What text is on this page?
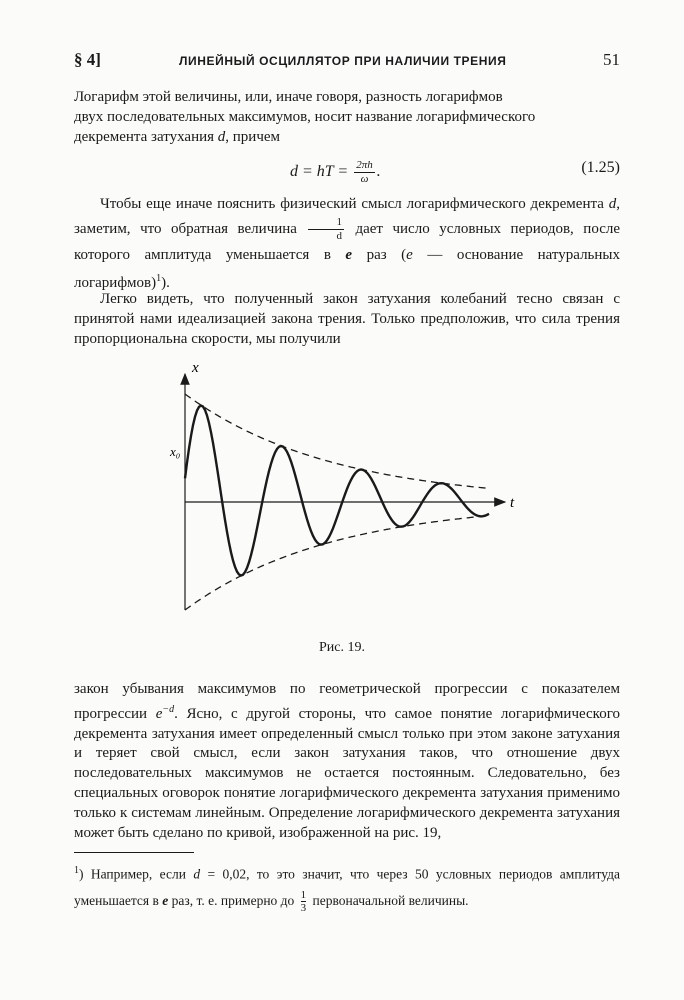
§ 4]	ЛИНЕЙНЫЙ ОСЦИЛЛЯТОР ПРИ НАЛИЧИИ ТРЕНИЯ	51
Логарифм этой величины, или, иначе говоря, разность логарифмов
двух последовательных максимумов, носит название логарифмического
декремента затухания d, причем
d = hT = $\frac{2\pi h}{\omega}$ .	(1.25)

Чтобы еще иначе пояснить физический смысл логарифмического декремента d, заметим, что обратная величина $\frac{1}{d}$ дает число условных периодов, после которого амплитуда уменьшается в e раз (e — основание натуральных логарифмов)$^1$).

Легко видеть, что полученный закон затухания колебаний тесно связан с принятой нами идеализацией закона трения. Только предположив, что сила трения пропорциональна скорости, мы получили

x
x₀
t
Рис. 19.

закон убывания максимумов по геометрической прогрессии с показателем прогрессии $e^{-d}$. Ясно, с другой стороны, что самое понятие логарифмического декремента затухания имеет определенный смысл только при этом законе затухания и теряет свой смысл, если закон затухания таков, что отношение двух последовательных максимумов не остается постоянным. Следовательно, без специальных оговорок понятие логарифмического декремента затухания применимо только к системам линейным. Определение логарифмического декремента затухания может быть сделано по кривой, изображенной на рис. 19,

$^1$) Например, если d = 0,02, то это значит, что через 50 условных периодов амплитуда уменьшается в e раз, т. е. примерно до $\frac{1}{3}$ первоначальной величины.
